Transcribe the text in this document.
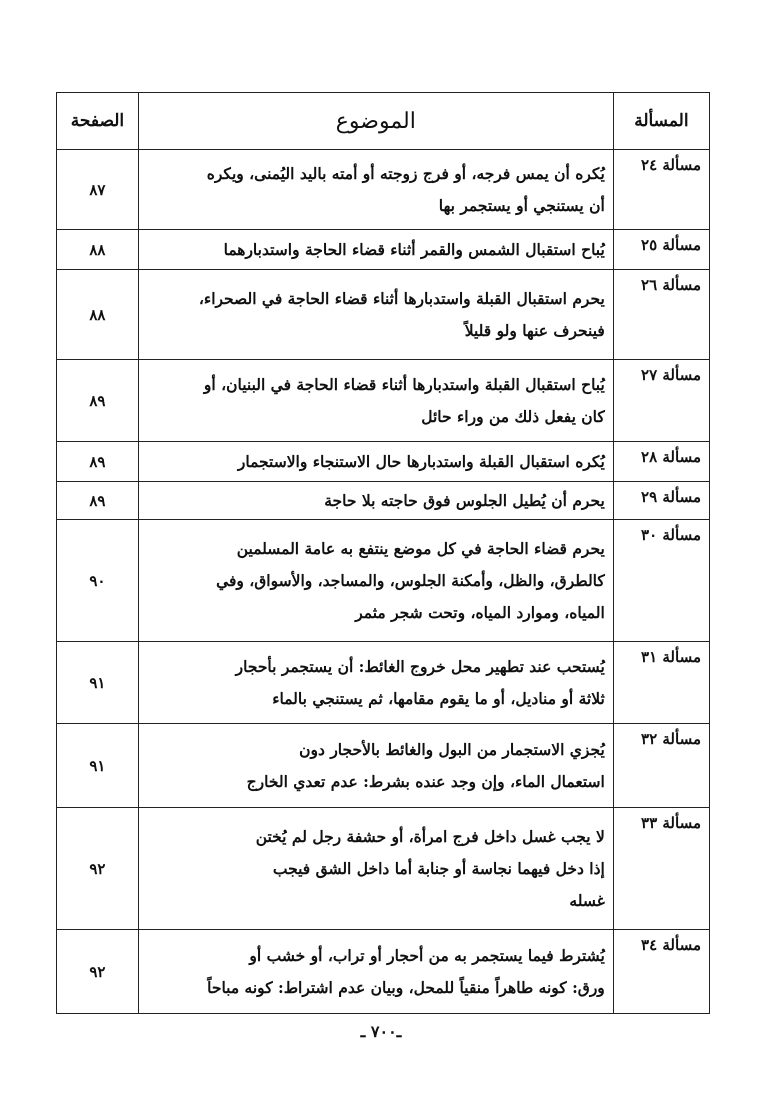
المسألة	الموضوع	الصفحة
مسألة ٢٤	يُكره أن يمس فرجه، أو فرج زوجته أو أمته باليد اليُمنى، ويكره
أن يستنجي أو يستجمر بها	٨٧
مسألة ٢٥	يُباح استقبال الشمس والقمر أثناء قضاء الحاجة واستدبارهما	٨٨
مسألة ٢٦	يحرم استقبال القبلة واستدبارها أثناء قضاء الحاجة في الصحراء،
فينحرف عنها ولو قليلاً	٨٨
مسألة ٢٧	يُباح استقبال القبلة واستدبارها أثناء قضاء الحاجة في البنيان، أو
كان يفعل ذلك من وراء حائل	٨٩
مسألة ٢٨	يُكره استقبال القبلة واستدبارها حال الاستنجاء والاستجمار	٨٩
مسألة ٢٩	يحرم أن يُطيل الجلوس فوق حاجته بلا حاجة	٨٩
مسألة ٣٠	يحرم قضاء الحاجة في كل موضع ينتفع به عامة المسلمين
كالطرق، والظل، وأمكنة الجلوس، والمساجد، والأسواق، وفي
المياه، وموارد المياه، وتحت شجر مثمر	٩٠
مسألة ٣١	يُستحب عند تطهير محل خروج الغائط: أن يستجمر بأحجار
ثلاثة أو مناديل، أو ما يقوم مقامها، ثم يستنجي بالماء	٩١
مسألة ٣٢	يُجزي الاستجمار من البول والغائط بالأحجار دون
استعمال الماء، وإن وجد عنده بشرط: عدم تعدي الخارج	٩١
مسألة ٣٣	لا يجب غسل داخل فرج امرأة، أو حشفة رجل لم يُختن
إذا دخل فيهما نجاسة أو جنابة أما داخل الشق فيجب
غسله	٩٢
مسألة ٣٤	يُشترط فيما يستجمر به من أحجار أو تراب، أو خشب أو
ورق: كونه طاهراً منقياً للمحل، وبيان عدم اشتراط: كونه مباحاً	٩٢
ـ٧٠٠ ـ
